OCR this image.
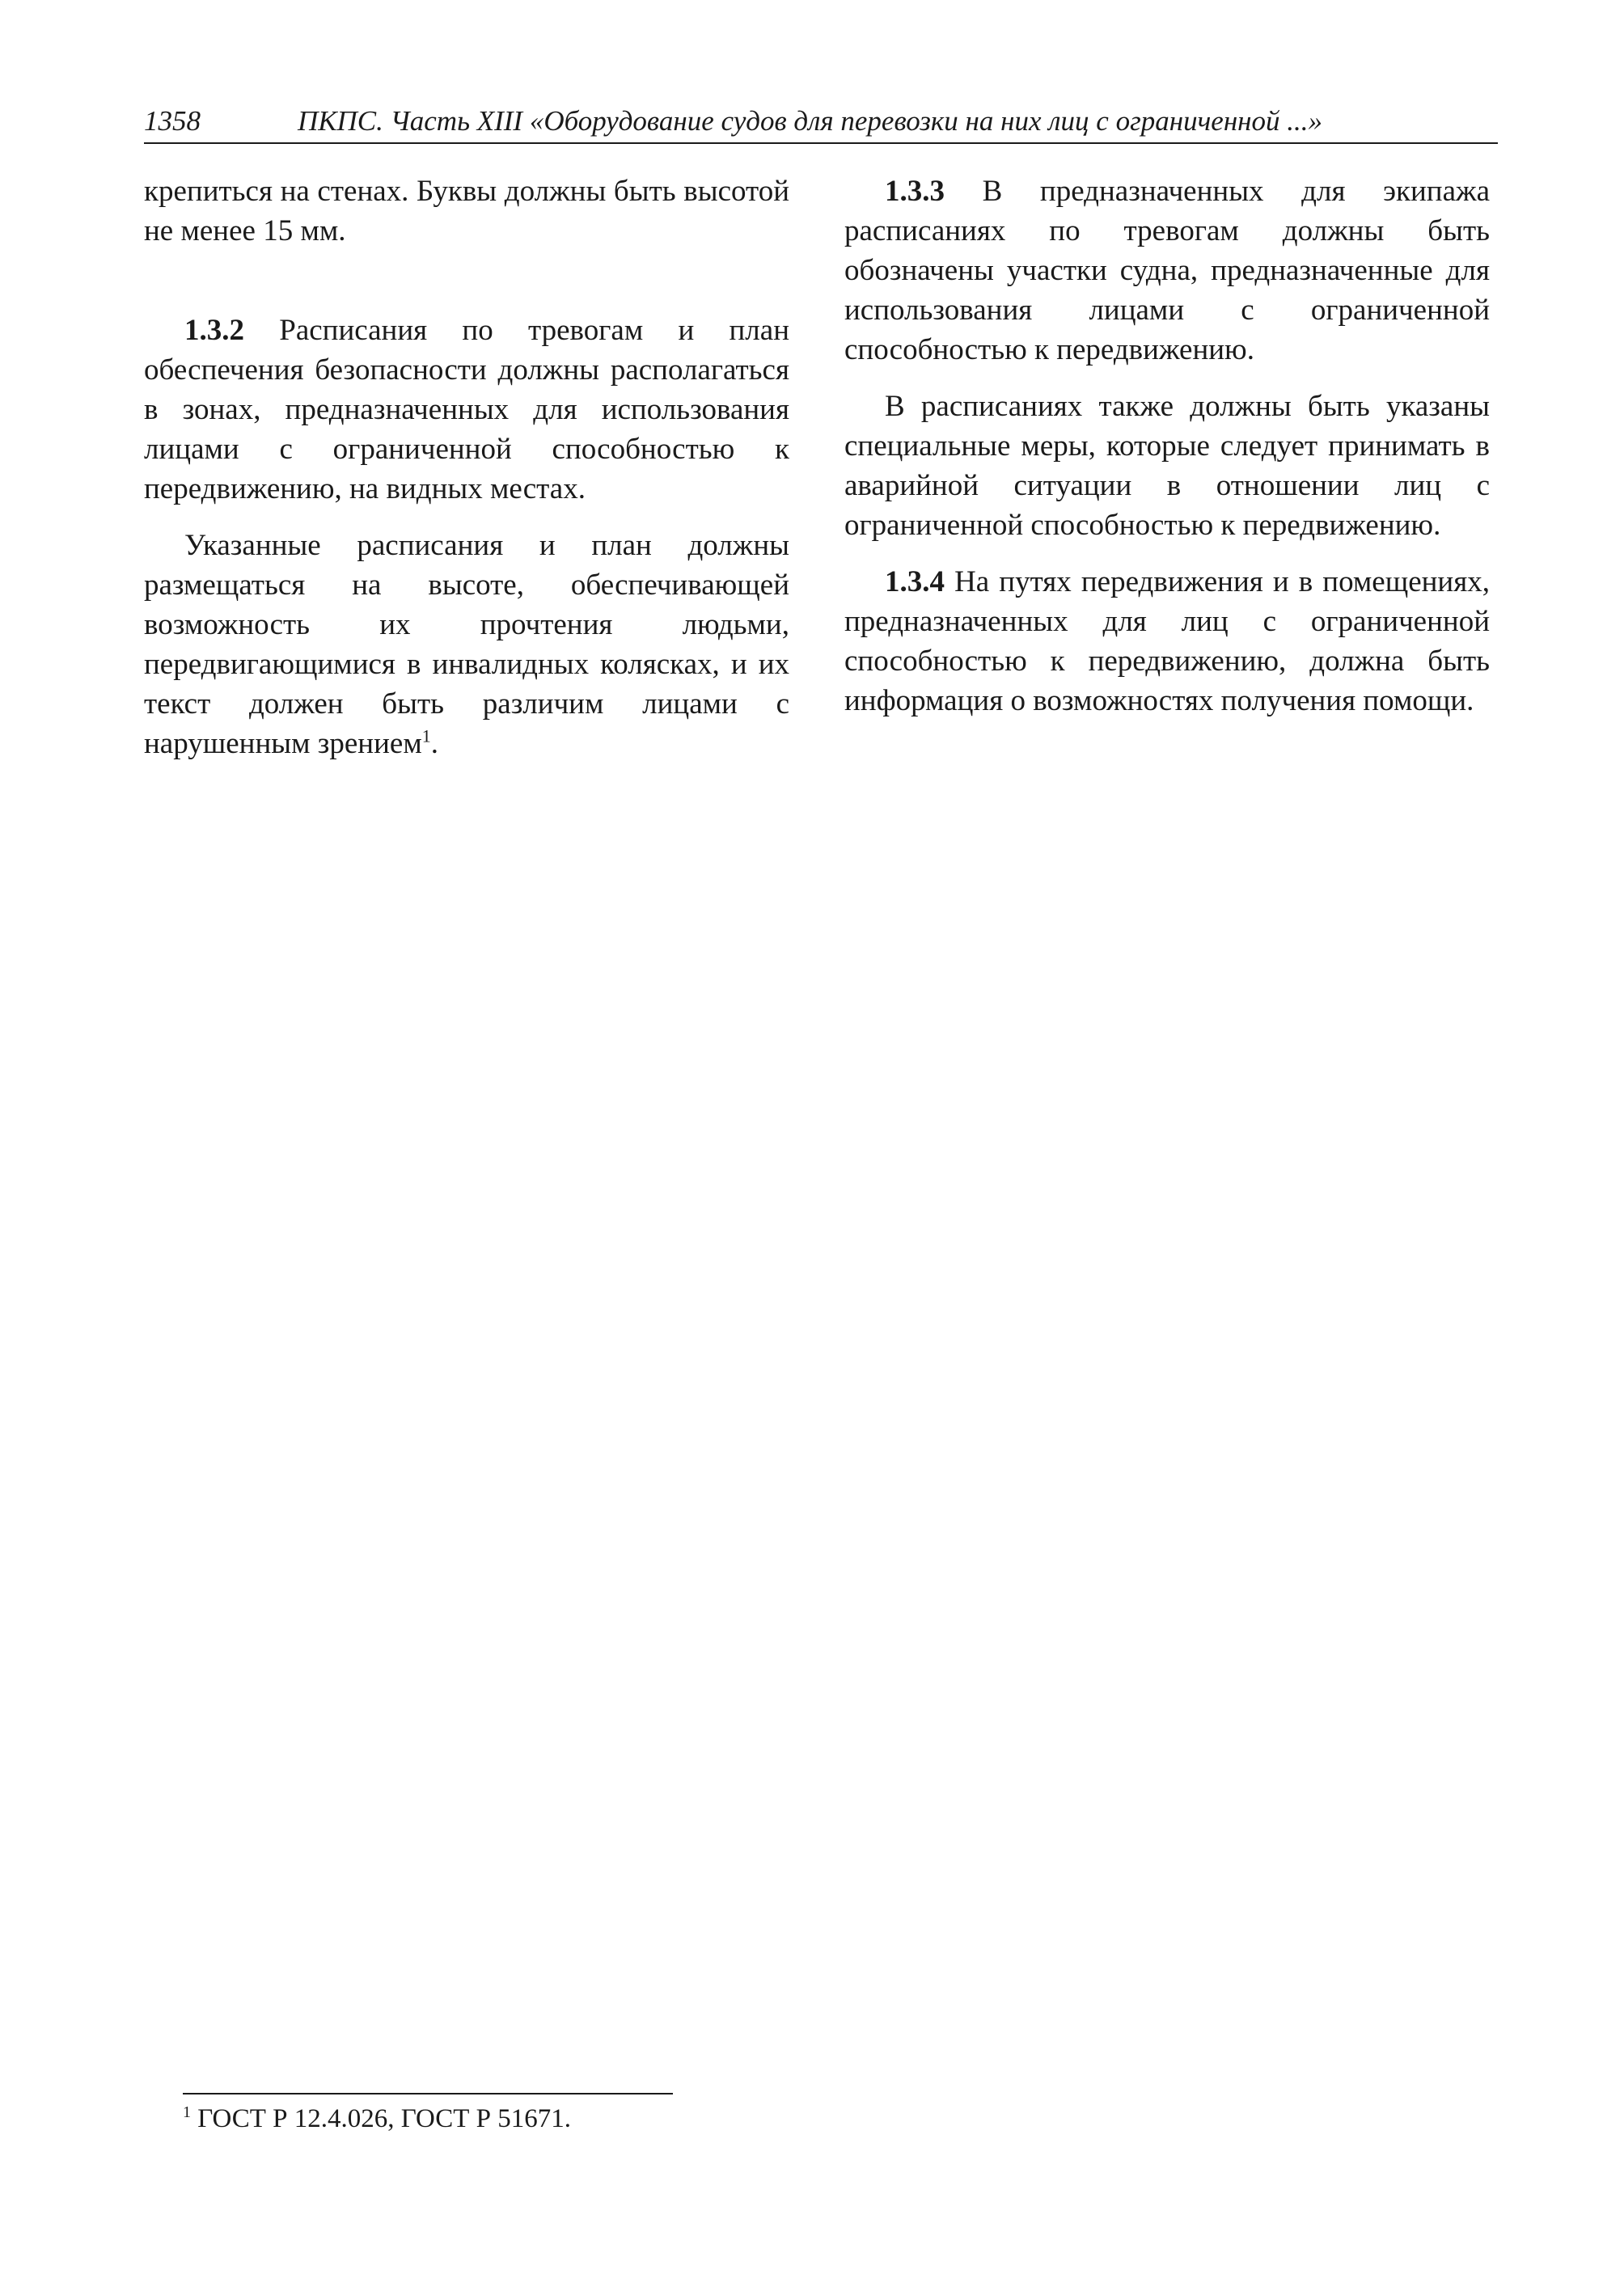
1358	ПКПС. Часть XIII «Оборудование судов для перевозки на них лиц с ограниченной ...»

крепиться на стенах. Буквы должны быть высотой не менее 15 мм.

1.3.2 Расписания по тревогам и план обеспечения безопасности должны располагаться в зонах, предназначенных для использования лицами с ограниченной способностью к передвижению, на видных местах.

Указанные расписания и план должны размещаться на высоте, обеспечивающей возможность их прочтения людьми, передвигающимися в инвалидных колясках, и их текст должен быть различим лицами с нарушенным зрением$^1$.

1.3.3 В предназначенных для экипажа расписаниях по тревогам должны быть обозначены участки судна, предназначенные для использования лицами с ограниченной способностью к передвижению.

В расписаниях также должны быть указаны специальные меры, которые следует принимать в аварийной ситуации в отношении лиц с ограниченной способностью к передвижению.

1.3.4 На путях передвижения и в помещениях, предназначенных для лиц с ограниченной способностью к передвижению, должна быть информация о возможностях получения помощи.

$^1$ ГОСТ Р 12.4.026, ГОСТ Р 51671.
